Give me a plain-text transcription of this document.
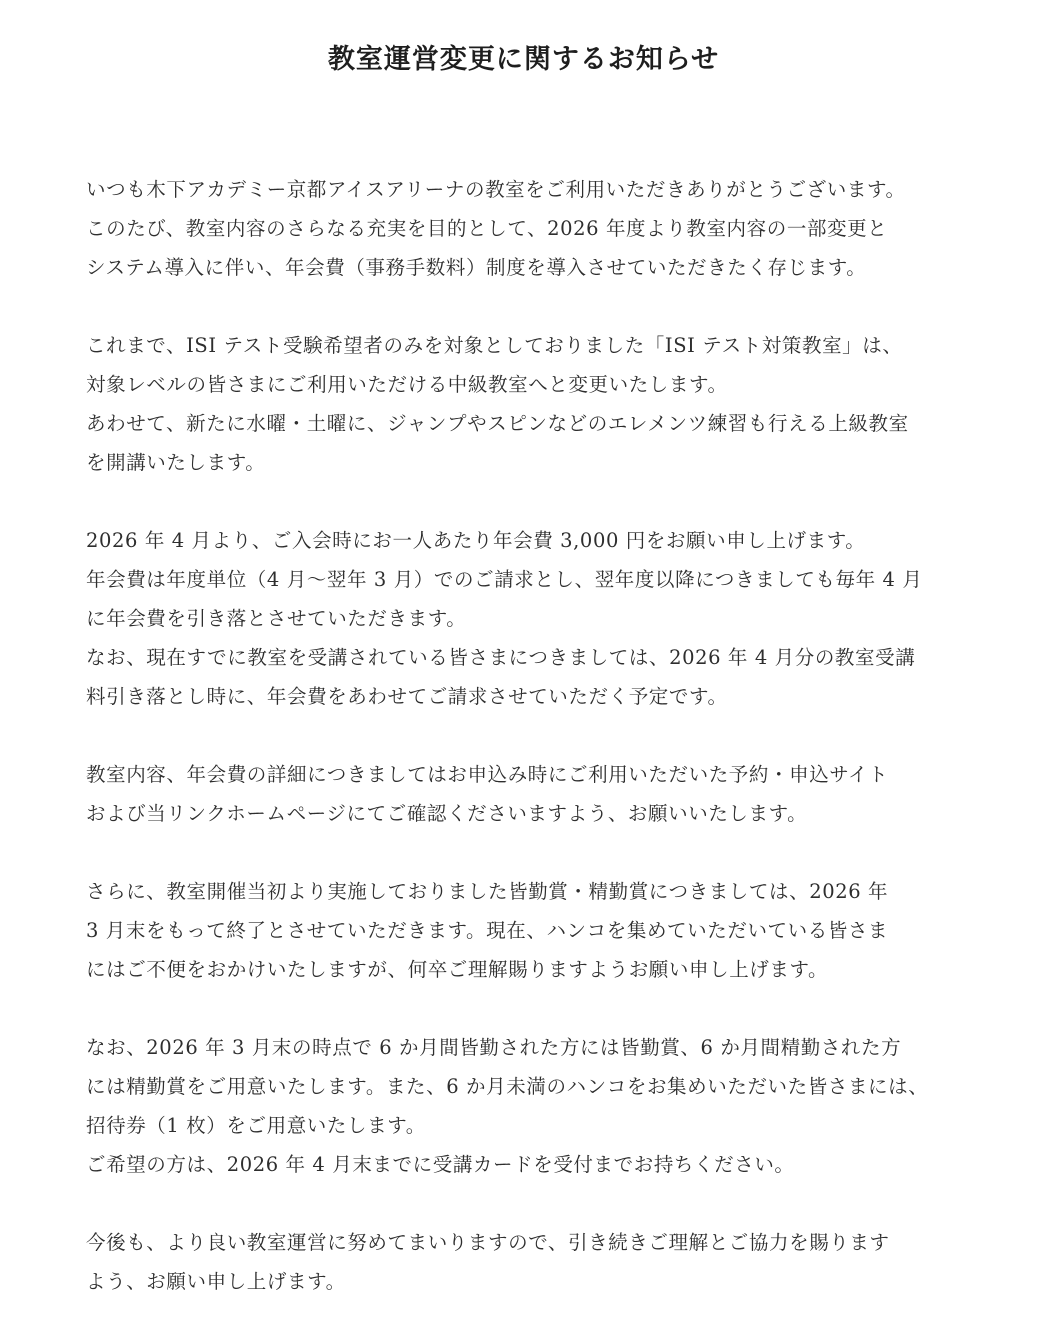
教室運営変更に関するお知らせ
いつも木下アカデミー京都アイスアリーナの教室をご利用いただきありがとうございます。
このたび、教室内容のさらなる充実を目的として、2026 年度より教室内容の一部変更と
システム導入に伴い、年会費（事務手数料）制度を導入させていただきたく存じます。
これまで、ISI テスト受験希望者のみを対象としておりました「ISI テスト対策教室」は、
対象レベルの皆さまにご利用いただける中級教室へと変更いたします。
あわせて、新たに水曜・土曜に、ジャンプやスピンなどのエレメンツ練習も行える上級教室
を開講いたします。
2026 年 4 月より、ご入会時にお一人あたり年会費 3,000 円をお願い申し上げます。
年会費は年度単位（4 月～翌年 3 月）でのご請求とし、翌年度以降につきましても毎年 4 月
に年会費を引き落とさせていただきます。
なお、現在すでに教室を受講されている皆さまにつきましては、2026 年 4 月分の教室受講
料引き落とし時に、年会費をあわせてご請求させていただく予定です。
教室内容、年会費の詳細につきましてはお申込み時にご利用いただいた予約・申込サイト
および当リンクホームページにてご確認くださいますよう、お願いいたします。
さらに、教室開催当初より実施しておりました皆勤賞・精勤賞につきましては、2026 年
3 月末をもって終了とさせていただきます。現在、ハンコを集めていただいている皆さま
にはご不便をおかけいたしますが、何卒ご理解賜りますようお願い申し上げます。
なお、2026 年 3 月末の時点で 6 か月間皆勤された方には皆勤賞、6 か月間精勤された方
には精勤賞をご用意いたします。また、6 か月未満のハンコをお集めいただいた皆さまには、
招待券（1 枚）をご用意いたします。
ご希望の方は、2026 年 4 月末までに受講カードを受付までお持ちください。
今後も、より良い教室運営に努めてまいりますので、引き続きご理解とご協力を賜ります
よう、お願い申し上げます。
